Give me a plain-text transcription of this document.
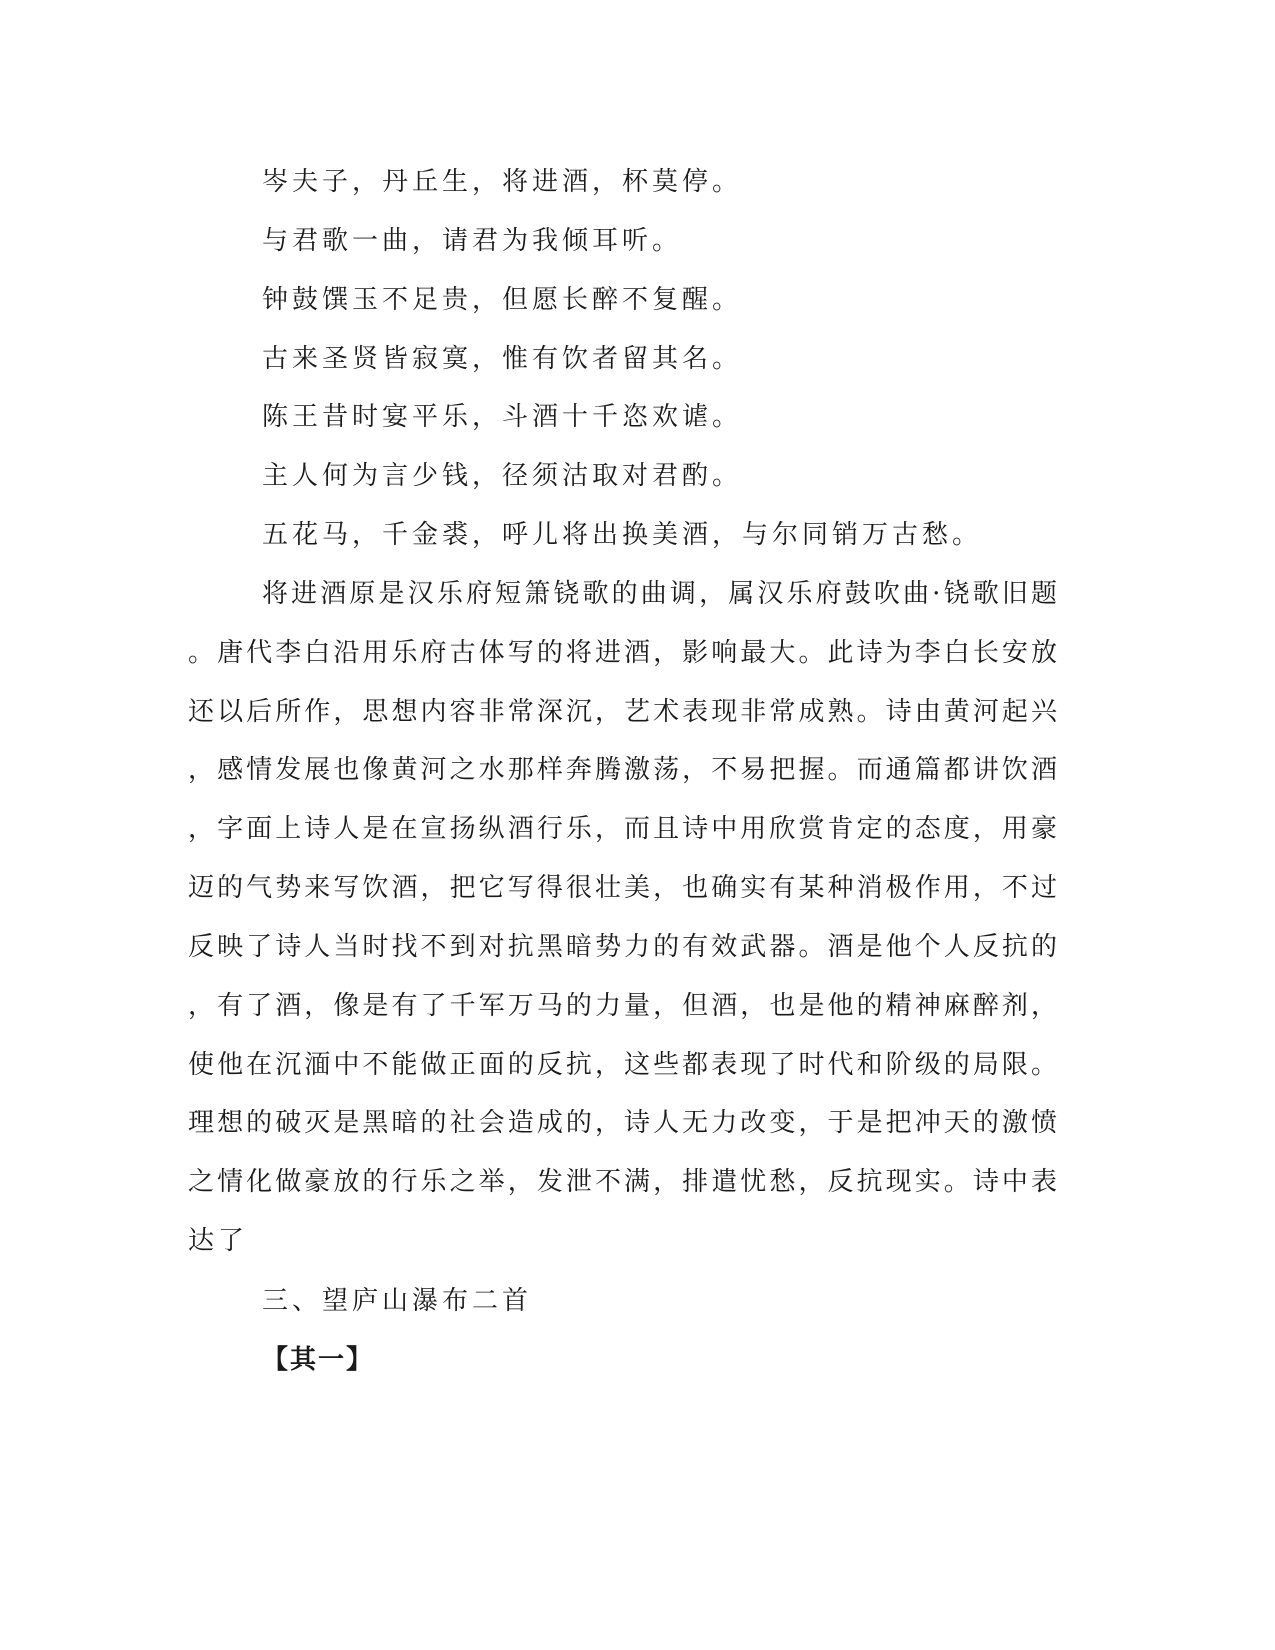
岑夫子，丹丘生，将进酒，杯莫停。
与君歌一曲，请君为我倾耳听。
钟鼓馔玉不足贵，但愿长醉不复醒。
古来圣贤皆寂寞，惟有饮者留其名。
陈王昔时宴平乐，斗酒十千恣欢谑。
主人何为言少钱，径须沽取对君酌。
五花马，千金裘，呼儿将出换美酒，与尔同销万古愁。
将进酒原是汉乐府短箫铙歌的曲调，属汉乐府鼓吹曲·铙歌旧题
。唐代李白沿用乐府古体写的将进酒，影响最大。此诗为李白长安放
还以后所作，思想内容非常深沉，艺术表现非常成熟。诗由黄河起兴
，感情发展也像黄河之水那样奔腾激荡，不易把握。而通篇都讲饮酒
，字面上诗人是在宣扬纵酒行乐，而且诗中用欣赏肯定的态度，用豪
迈的气势来写饮酒，把它写得很壮美，也确实有某种消极作用，不过
反映了诗人当时找不到对抗黑暗势力的有效武器。酒是他个人反抗的
，有了酒，像是有了千军万马的力量，但酒，也是他的精神麻醉剂，
使他在沉湎中不能做正面的反抗，这些都表现了时代和阶级的局限。
理想的破灭是黑暗的社会造成的，诗人无力改变，于是把冲天的激愤
之情化做豪放的行乐之举，发泄不满，排遣忧愁，反抗现实。诗中表
达了
三、望庐山瀑布二首
【其一】
